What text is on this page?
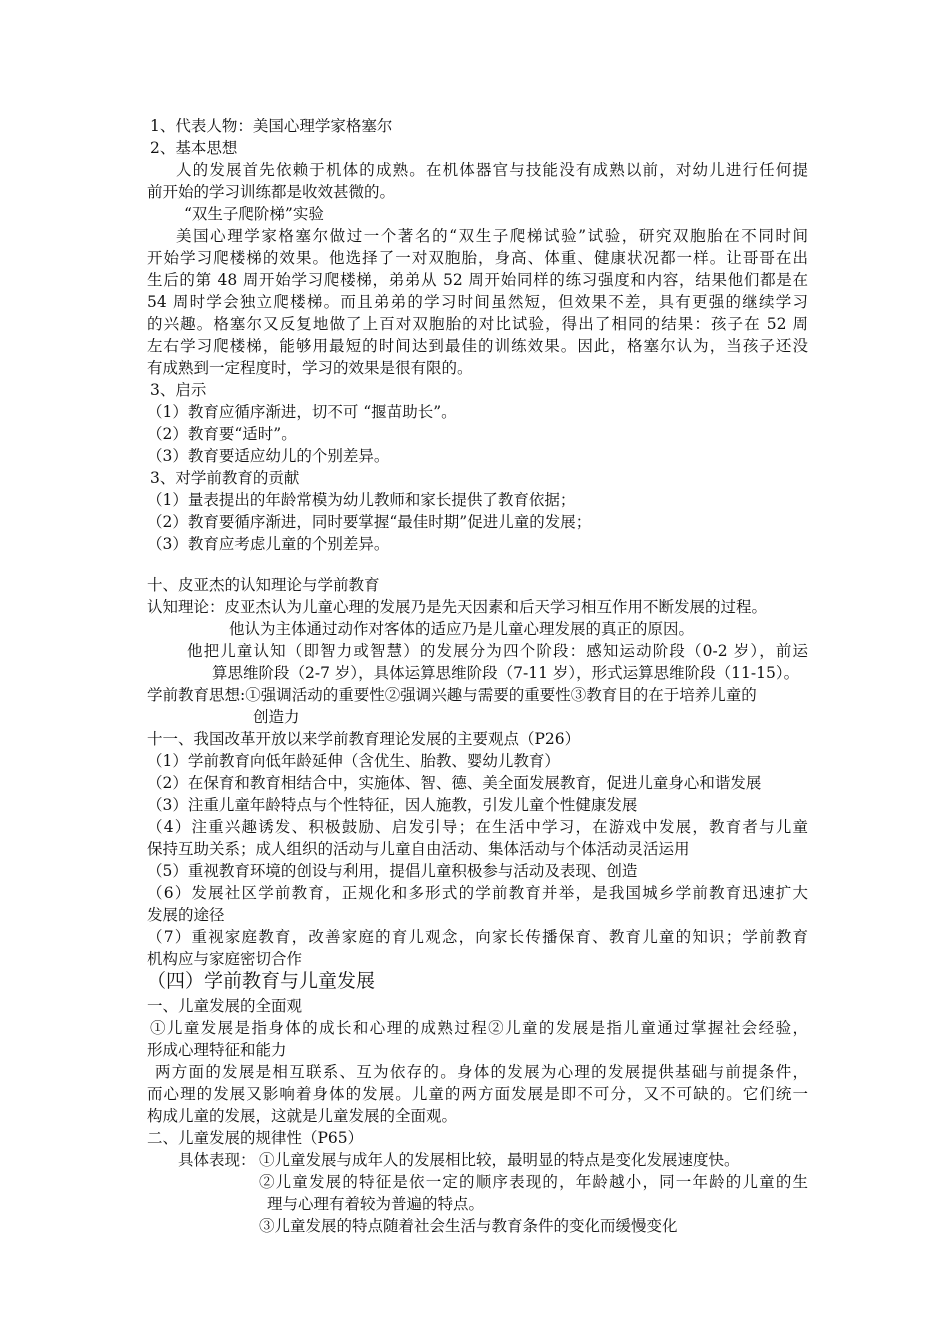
1、代表人物：美国心理学家格塞尔
2、基本思想
人的发展首先依赖于机体的成熟。在机体器官与技能没有成熟以前，对幼儿进行任何提
前开始的学习训练都是收效甚微的。
“双生子爬阶梯”实验
美国心理学家格塞尔做过一个著名的“双生子爬梯试验”试验，研究双胞胎在不同时间
开始学习爬楼梯的效果。他选择了一对双胞胎，身高、体重、健康状况都一样。让哥哥在出
生后的第 48 周开始学习爬楼梯，弟弟从 52 周开始同样的练习强度和内容，结果他们都是在
54 周时学会独立爬楼梯。而且弟弟的学习时间虽然短，但效果不差，具有更强的继续学习
的兴趣。格塞尔又反复地做了上百对双胞胎的对比试验，得出了相同的结果：孩子在 52 周
左右学习爬楼梯，能够用最短的时间达到最佳的训练效果。因此，格塞尔认为，当孩子还没
有成熟到一定程度时，学习的效果是很有限的。
3、启示
（1）教育应循序渐进，切不可 “揠苗助长”。
（2）教育要“适时”。
（3）教育要适应幼儿的个别差异。
3、对学前教育的贡献
（1）量表提出的年龄常模为幼儿教师和家长提供了教育依据；
（2）教育要循序渐进，同时要掌握“最佳时期”促进儿童的发展；
（3）教育应考虑儿童的个别差异。
十、皮亚杰的认知理论与学前教育
认知理论：皮亚杰认为儿童心理的发展乃是先天因素和后天学习相互作用不断发展的过程。
他认为主体通过动作对客体的适应乃是儿童心理发展的真正的原因。
他把儿童认知（即智力或智慧）的发展分为四个阶段：感知运动阶段（0-2 岁），前运
算思维阶段（2-7 岁），具体运算思维阶段（7-11 岁），形式运算思维阶段（11-15）。
学前教育思想:①强调活动的重要性②强调兴趣与需要的重要性③教育目的在于培养儿童的
创造力
十一、我国改革开放以来学前教育理论发展的主要观点（P26）
（1）学前教育向低年龄延伸（含优生、胎教、婴幼儿教育）
（2）在保育和教育相结合中，实施体、智、德、美全面发展教育，促进儿童身心和谐发展
（3）注重儿童年龄特点与个性特征，因人施教，引发儿童个性健康发展
（4）注重兴趣诱发、积极鼓励、启发引导；在生活中学习，在游戏中发展，教育者与儿童
保持互助关系；成人组织的活动与儿童自由活动、集体活动与个体活动灵活运用
（5）重视教育环境的创设与利用，提倡儿童积极参与活动及表现、创造
（6）发展社区学前教育，正规化和多形式的学前教育并举，是我国城乡学前教育迅速扩大
发展的途径
（7）重视家庭教育，改善家庭的育儿观念，向家长传播保育、教育儿童的知识；学前教育
机构应与家庭密切合作
（四）学前教育与儿童发展
一、儿童发展的全面观
①儿童发展是指身体的成长和心理的成熟过程②儿童的发展是指儿童通过掌握社会经验，
形成心理特征和能力
两方面的发展是相互联系、互为依存的。身体的发展为心理的发展提供基础与前提条件，
而心理的发展又影响着身体的发展。儿童的两方面发展是即不可分，又不可缺的。它们统一
构成儿童的发展，这就是儿童发展的全面观。
二、儿童发展的规律性（P65）
具体表现： ①儿童发展与成年人的发展相比较，最明显的特点是变化发展速度快。
②儿童发展的特征是依一定的顺序表现的，年龄越小，同一年龄的儿童的生
理与心理有着较为普遍的特点。
③儿童发展的特点随着社会生活与教育条件的变化而缓慢变化
